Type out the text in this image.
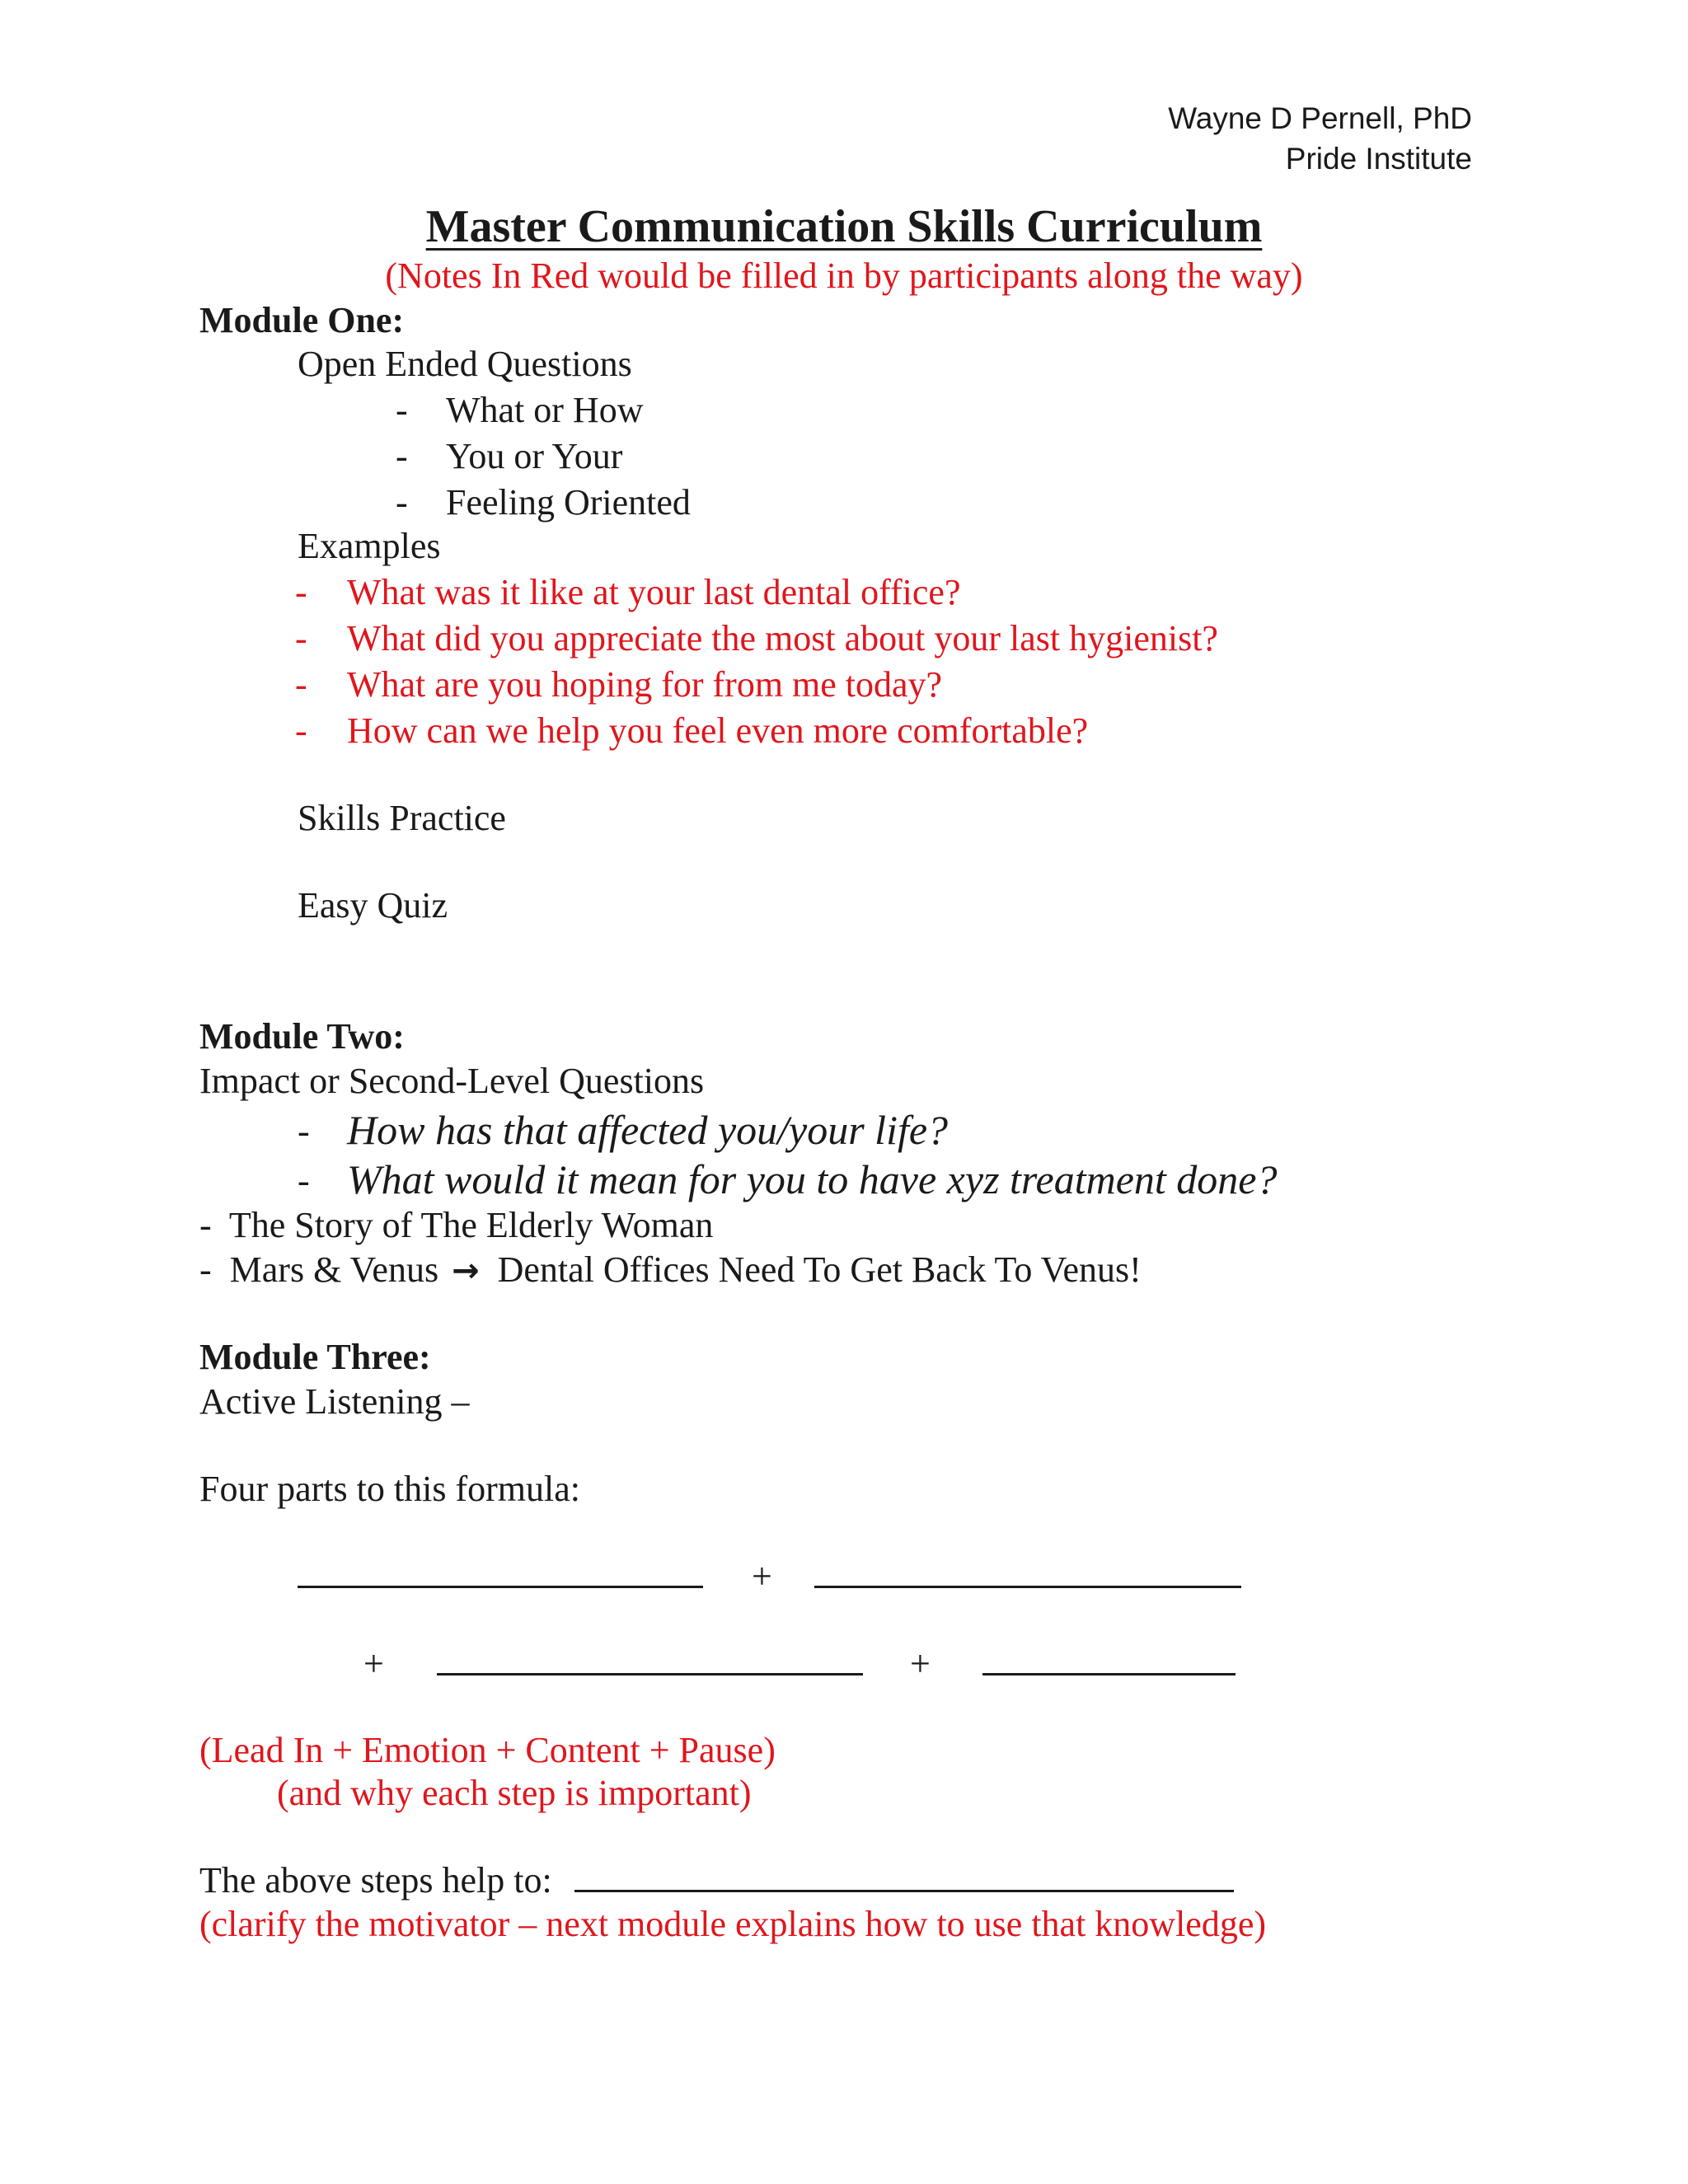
Wayne D Pernell, PhD
Pride Institute
Master Communication Skills Curriculum
(Notes In Red would be filled in by participants along the way)
Module One:
Open Ended Questions
- What or How
- You or Your
- Feeling Oriented
Examples
- What was it like at your last dental office?
- What did you appreciate the most about your last hygienist?
- What are you hoping for from me today?
- How can we help you feel even more comfortable?
Skills Practice
Easy Quiz
Module Two:
Impact or Second-Level Questions
- How has that affected you/your life?
- What would it mean for you to have xyz treatment done?
- The Story of The Elderly Woman
- Mars & Venus → Dental Offices Need To Get Back To Venus!
Module Three:
Active Listening –
Four parts to this formula:
+
+	+
(Lead In + Emotion + Content + Pause)
(and why each step is important)
The above steps help to:
(clarify the motivator – next module explains how to use that knowledge)
